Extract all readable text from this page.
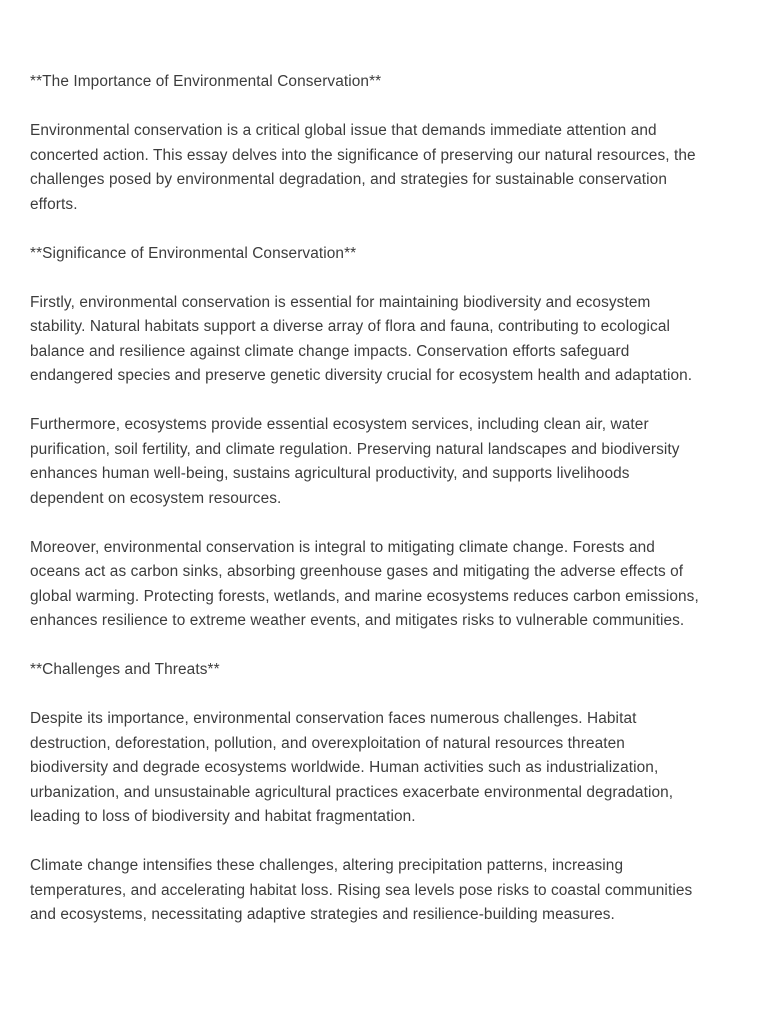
**The Importance of Environmental Conservation**

Environmental conservation is a critical global issue that demands immediate attention and
concerted action. This essay delves into the significance of preserving our natural resources, the
challenges posed by environmental degradation, and strategies for sustainable conservation
efforts.

**Significance of Environmental Conservation**

Firstly, environmental conservation is essential for maintaining biodiversity and ecosystem
stability. Natural habitats support a diverse array of flora and fauna, contributing to ecological
balance and resilience against climate change impacts. Conservation efforts safeguard
endangered species and preserve genetic diversity crucial for ecosystem health and adaptation.

Furthermore, ecosystems provide essential ecosystem services, including clean air, water
purification, soil fertility, and climate regulation. Preserving natural landscapes and biodiversity
enhances human well-being, sustains agricultural productivity, and supports livelihoods
dependent on ecosystem resources.

Moreover, environmental conservation is integral to mitigating climate change. Forests and
oceans act as carbon sinks, absorbing greenhouse gases and mitigating the adverse effects of
global warming. Protecting forests, wetlands, and marine ecosystems reduces carbon emissions,
enhances resilience to extreme weather events, and mitigates risks to vulnerable communities.

**Challenges and Threats**

Despite its importance, environmental conservation faces numerous challenges. Habitat
destruction, deforestation, pollution, and overexploitation of natural resources threaten
biodiversity and degrade ecosystems worldwide. Human activities such as industrialization,
urbanization, and unsustainable agricultural practices exacerbate environmental degradation,
leading to loss of biodiversity and habitat fragmentation.

Climate change intensifies these challenges, altering precipitation patterns, increasing
temperatures, and accelerating habitat loss. Rising sea levels pose risks to coastal communities
and ecosystems, necessitating adaptive strategies and resilience-building measures.
